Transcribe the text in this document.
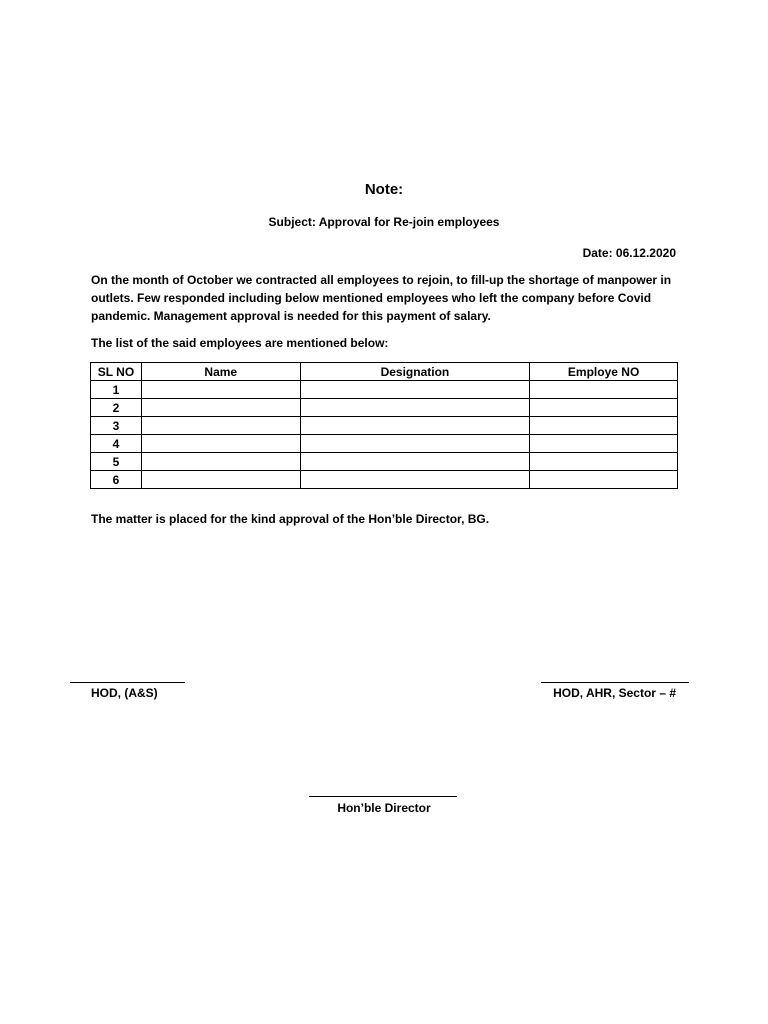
Note:
Subject: Approval for Re-join employees
Date: 06.12.2020
On the month of October we contracted all employees to rejoin, to fill-up the shortage of manpower in outlets. Few responded including below mentioned employees who left the company before Covid pandemic. Management approval is needed for this payment of salary.
The list of the said employees are mentioned below:
SL NO	Name	Designation	Employe NO
1			
2			
3			
4			
5			
6			
The matter is placed for the kind approval of the Hon’ble Director, BG.
HOD, (A&S)	HOD, AHR, Sector – #
Hon’ble Director
